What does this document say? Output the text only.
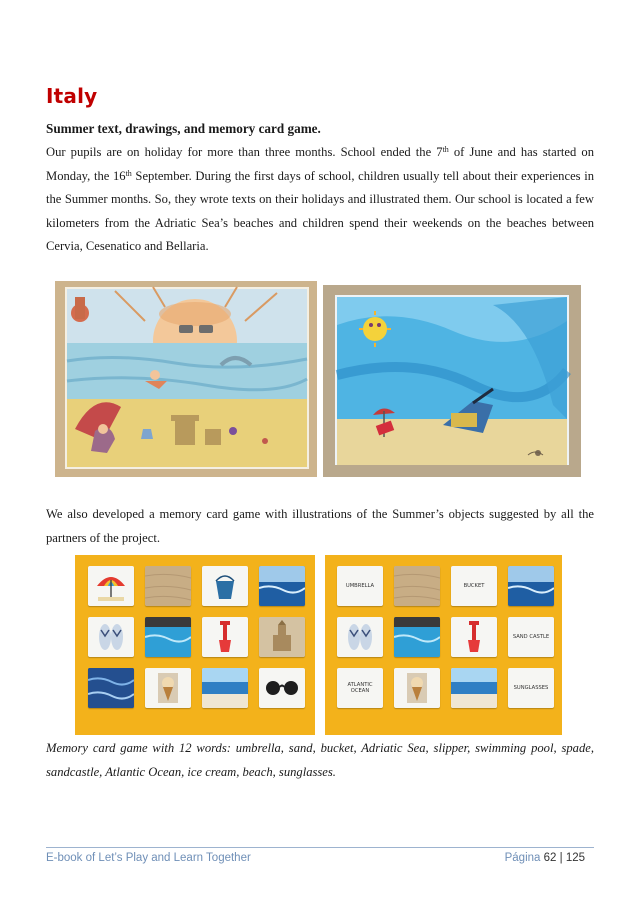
Italy
Summer text, drawings, and memory card game.

Our pupils are on holiday for more than three months. School ended the 7th of June and has started on Monday, the 16th September. During the first days of school, children usually tell about their experiences in the Summer months. So, they wrote texts on their holidays and illustrated them. Our school is located a few kilometers from the Adriatic Sea’s beaches and children spend their weekends on the beaches between Cervia, Cesenatico and Bellaria.

We also developed a memory card game with illustrations of the Summer’s objects suggested by all the partners of the project.

UMBRELLA	BUCKET
SAND CASTLE
ATLANTIC OCEAN	SUNGLASSES

Memory card game with 12 words: umbrella, sand, bucket, Adriatic Sea, slipper, swimming pool, spade, sandcastle, Atlantic Ocean, ice cream, beach, sunglasses.

E-book of Let’s Play and Learn Together	Página 62 | 125
